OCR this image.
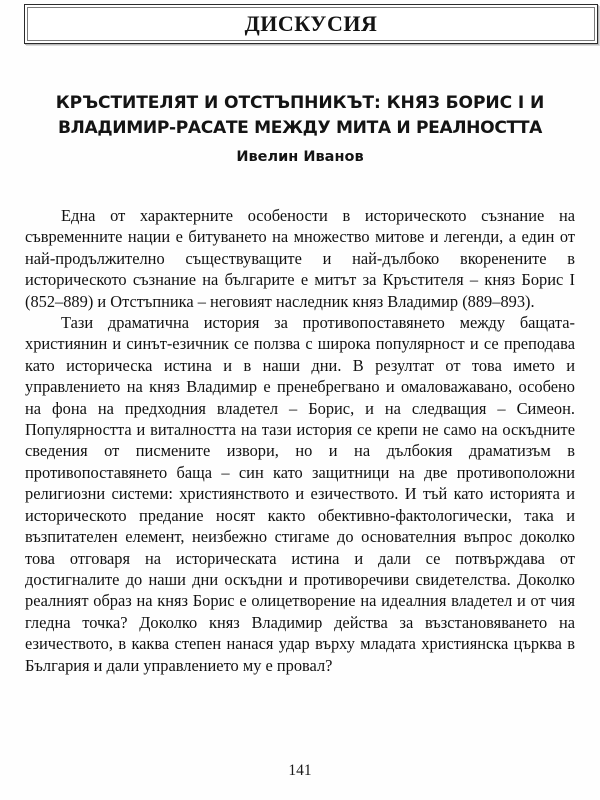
ДИСКУСИЯ
КРЪСТИТЕЛЯТ И ОТСТЪПНИКЪТ: КНЯЗ БОРИС I И
ВЛАДИМИР-РАСАТЕ МЕЖДУ МИТА И РЕАЛНОСТТА
Ивелин Иванов

Една от характерните особености в историческото съзнание на съвременните нации е битуването на множество митове и легенди, а един от най-продължително съществуващите и най-дълбоко вкоренените в историческото съзнание на българите е митът за Кръстителя – княз Борис I (852–889) и Отстъпника – неговият наследник княз Владимир (889–893).

Тази драматична история за противопоставянето между бащата-християнин и синът-езичник се ползва с широка популярност и се преподава като историческа истина и в наши дни. В резултат от това името и управлението на княз Владимир е пренебрегвано и омаловажавано, особено на фона на предходния владетел – Борис, и на следващия – Симеон. Популярността и виталността на тази история се крепи не само на оскъдните сведения от писмените извори, но и на дълбокия драматизъм в противопоставянето баща – син като защитници на две противоположни религиозни системи: християнството и езичеството. И тъй като историята и историческото предание носят както обективно-фактологически, така и възпитателен елемент, неизбежно стигаме до основателния въпрос доколко това отговаря на историческата истина и дали се потвърждава от достигналите до наши дни оскъдни и противоречиви свидетелства. Доколко реалният образ на княз Борис е олицетворение на идеалния владетел и от чия гледна точка? Доколко княз Владимир действа за възстановяването на езичеството, в каква степен нанася удар върху младата християнска църква в България и дали управлението му е провал?

141
